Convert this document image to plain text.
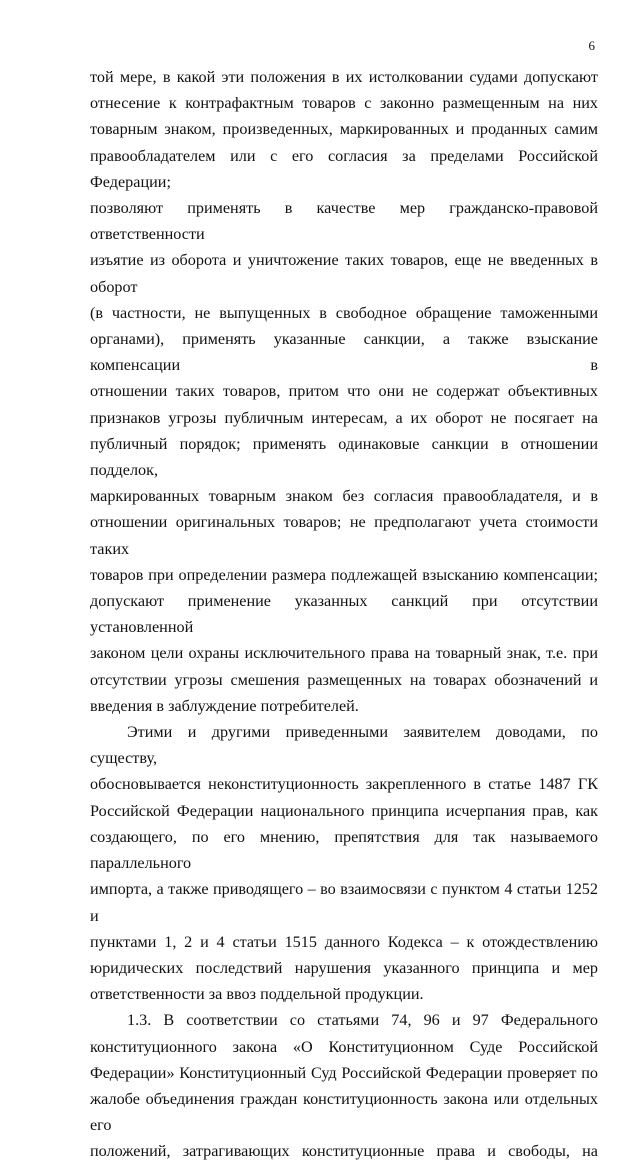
6

той мере, в какой эти положения в их истолковании судами допускают

отнесение к контрафактным товаров с законно размещенным на них

товарным знаком, произведенных, маркированных и проданных самим

правообладателем или с его согласия за пределами Российской Федерации;

позволяют применять в качестве мер гражданско-правовой ответственности

изъятие из оборота и уничтожение таких товаров, еще не введенных в оборот

(в частности, не выпущенных в свободное обращение таможенными

органами), применять указанные санкции, а также взыскание компенсации в

отношении таких товаров, притом что они не содержат объективных

признаков угрозы публичным интересам, а их оборот не посягает на

публичный порядок; применять одинаковые санкции в отношении подделок,

маркированных товарным знаком без согласия правообладателя, и в

отношении оригинальных товаров; не предполагают учета стоимости таких

товаров при определении размера подлежащей взысканию компенсации;

допускают применение указанных санкций при отсутствии установленной

законом цели охраны исключительного права на товарный знак, т.е. при

отсутствии угрозы смешения размещенных на товарах обозначений и

введения в заблуждение потребителей.

Этими и другими приведенными заявителем доводами, по существу,

обосновывается неконституционность закрепленного в статье 1487 ГК

Российской Федерации национального принципа исчерпания прав, как

создающего, по его мнению, препятствия для так называемого параллельного

импорта, а также приводящего – во взаимосвязи с пунктом 4 статьи 1252 и

пунктами 1, 2 и 4 статьи 1515 данного Кодекса – к отождествлению

юридических последствий нарушения указанного принципа и мер

ответственности за ввоз поддельной продукции.

1.3. В соответствии со статьями 74, 96 и 97 Федерального

конституционного закона «О Конституционном Суде Российской

Федерации» Конституционный Суд Российской Федерации проверяет по

жалобе объединения граждан конституционность закона или отдельных его

положений, затрагивающих конституционные права и свободы, на
